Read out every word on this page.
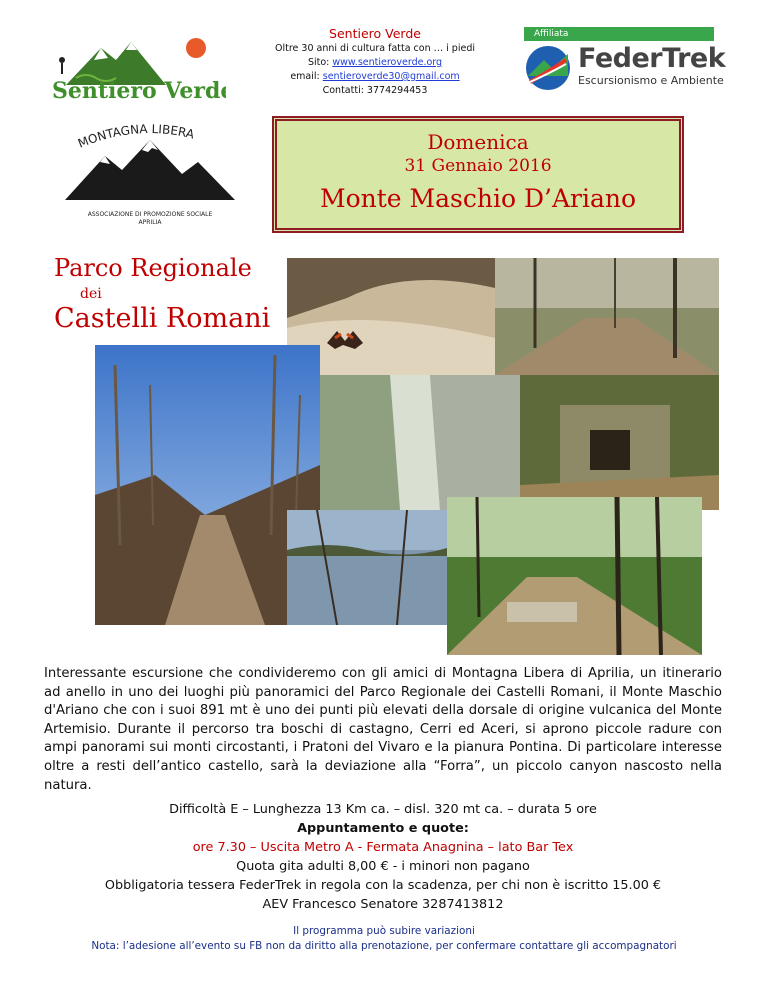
Sentiero Verde
Sentiero Verde
Oltre 30 anni di cultura fatta con … i piedi
Sito: www.sentieroverde.org
email: sentieroverde30@gmail.com
Contatti: 3774294453
Affiliata
FederTrek
Escursionismo e Ambiente
MONTAGNA LIBERA
ASSOCIAZIONE DI PROMOZIONE SOCIALE
APRILIA
Domenica
31 Gennaio 2016
Monte Maschio D’Ariano
Parco Regionale
dei
Castelli Romani
Interessante escursione che condivideremo con gli amici di Montagna Libera di Aprilia, un itinerario ad anello in uno dei luoghi più panoramici del Parco Regionale dei Castelli Romani, il Monte Maschio d'Ariano che con i suoi 891 mt è uno dei punti più elevati della dorsale di origine vulcanica del Monte Artemisio. Durante il percorso tra boschi di castagno, Cerri ed Aceri, si aprono piccole radure con ampi panorami sui monti circostanti, i Pratoni del Vivaro e la pianura Pontina. Di particolare interesse oltre a resti dell’antico castello, sarà la deviazione alla “Forra”, un piccolo canyon nascosto nella natura.
Difficoltà E – Lunghezza 13 Km ca. – disl. 320 mt ca. – durata 5 ore
Appuntamento e quote:
ore 7.30 – Uscita Metro A - Fermata Anagnina – lato Bar Tex
Quota gita adulti 8,00 € - i minori non pagano
Obbligatoria tessera FederTrek in regola con la scadenza, per chi non è iscritto 15.00 €
AEV Francesco Senatore 3287413812
Il programma può subire variazioni
Nota: l’adesione all’evento su FB non da diritto alla prenotazione, per confermare contattare gli accompagnatori
